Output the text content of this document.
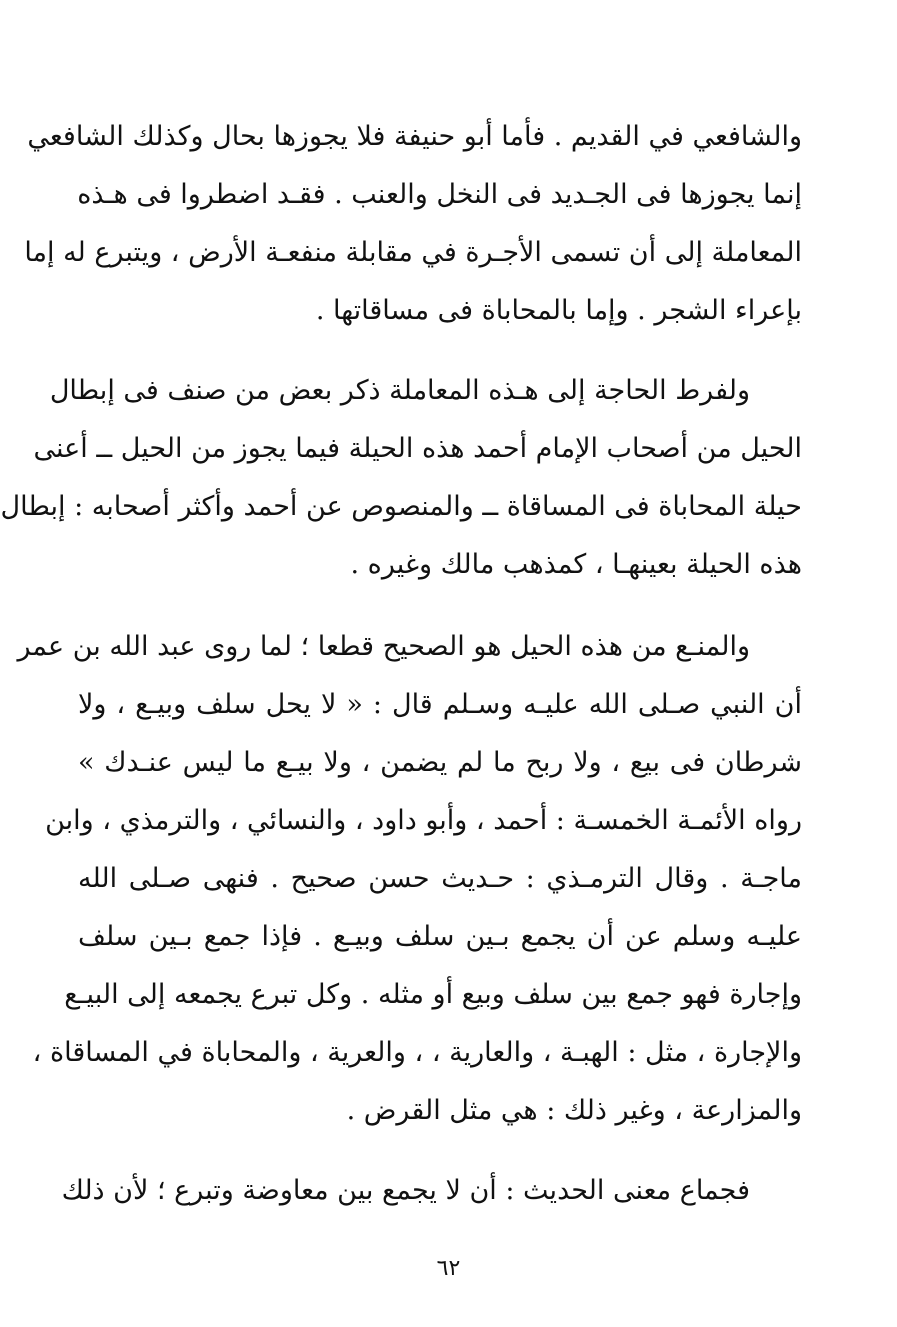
والشافعي في القديم . فأما أبو حنيفة فلا يجوزها بحال وكذلك الشافعي
إنما يجوزها فى الجـديد فى النخل والعنب . فقـد اضطروا فى هـذه
المعاملة إلى أن تسمى الأجـرة في مقابلة منفعـة الأرض ، ويتبرع له إما
بإعراء الشجر . وإما بالمحاباة فى مساقاتها .
ولفرط الحاجة إلى هـذه المعاملة ذكر بعض من صنف فى إبطال
الحيل من أصحاب الإمام أحمد هذه الحيلة فيما يجوز من الحيل ــ أعنى
حيلة المحاباة فى المساقاة ــ والمنصوص عن أحمد وأكثر أصحابه : إبطال
هذه الحيلة بعينهـا ، كمذهب مالك وغيره .
والمنـع من هذه الحيل هو الصحيح قطعا ؛ لما روى عبد الله بن عمر
أن النبي صـلى الله عليـه وسـلم قال : « لا يحل سلف وبيـع ، ولا
شرطان فى بيع ، ولا ربح ما لم يضمن ، ولا بيـع ما ليس عنـدك »
رواه الأئمـة الخمسـة : أحمد ، وأبو داود ، والنسائي ، والترمذي ، وابن
ماجـة . وقال الترمـذي : حـديث حسن صحيح . فنهى صـلى الله
عليـه وسلم عن أن يجمع بـين سلف وبيـع . فإذا جمع بـين سلف
وإجارة فهو جمع بين سلف وبيع أو مثله . وكل تبرع يجمعه إلى البيـع
والإجارة ، مثل : الهبـة ، والعارية ، ، والعرية ، والمحاباة في المساقاة ،
والمزارعة ، وغير ذلك : هي مثل القرض .
فجماع معنى الحديث : أن لا يجمع بين معاوضة وتبرع ؛ لأن ذلك
٦٢
